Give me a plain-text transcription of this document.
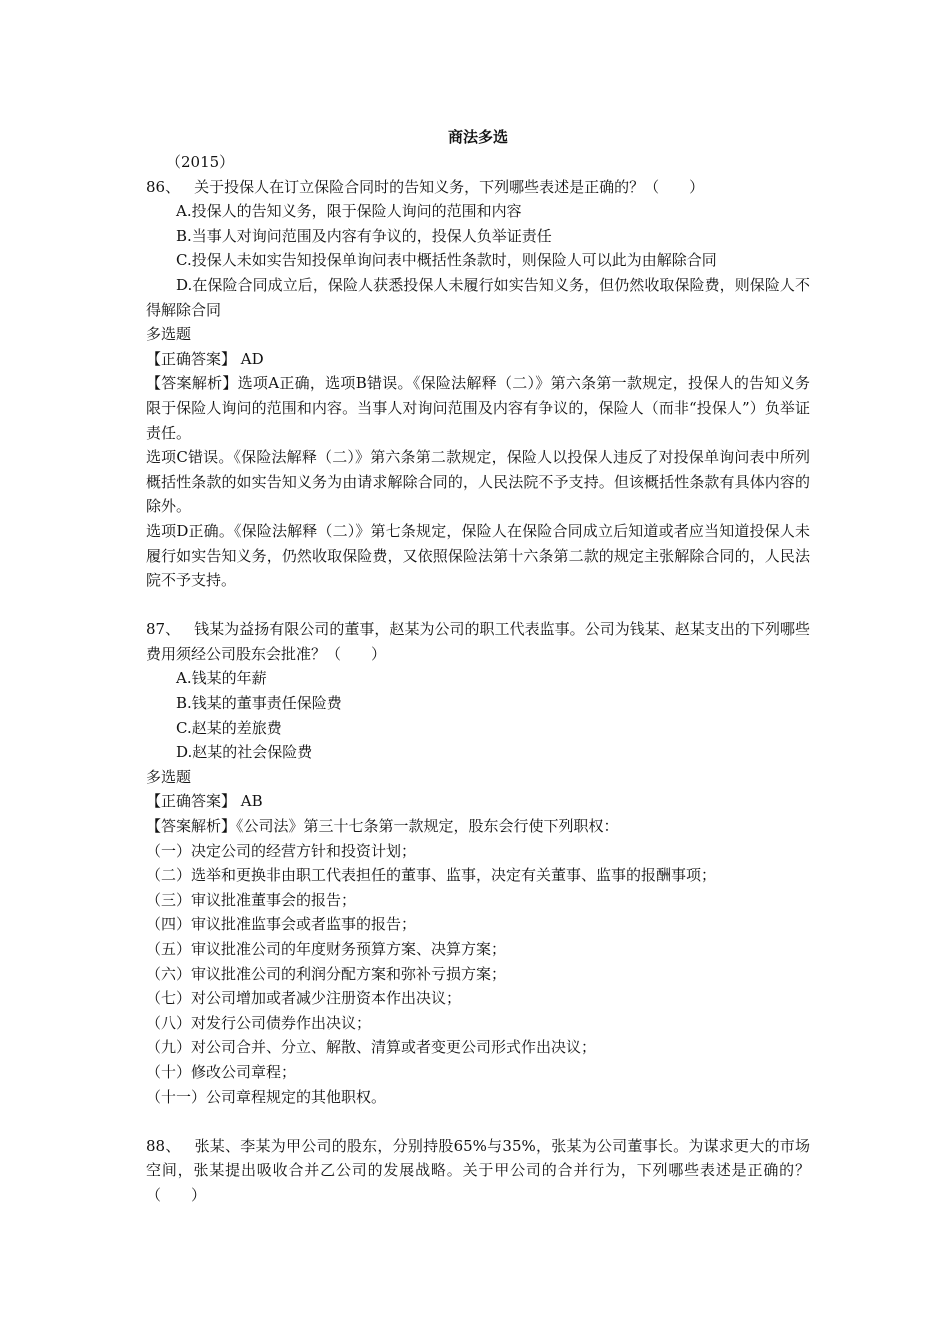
商法多选
（2015）
86、 关于投保人在订立保险合同时的告知义务，下列哪些表述是正确的？（　　）
A.投保人的告知义务，限于保险人询问的范围和内容
B.当事人对询问范围及内容有争议的，投保人负举证责任
C.投保人未如实告知投保单询问表中概括性条款时，则保险人可以此为由解除合同
D.在保险合同成立后，保险人获悉投保人未履行如实告知义务，但仍然收取保险费，则保险人不得解除合同
多选题
【正确答案】 AD
【答案解析】选项A正确，选项B错误。《保险法解释（二）》第六条第一款规定，投保人的告知义务限于保险人询问的范围和内容。当事人对询问范围及内容有争议的，保险人（而非“投保人”）负举证责任。
选项C错误。《保险法解释（二）》第六条第二款规定，保险人以投保人违反了对投保单询问表中所列概括性条款的如实告知义务为由请求解除合同的，人民法院不予支持。但该概括性条款有具体内容的除外。
选项D正确。《保险法解释（二）》第七条规定，保险人在保险合同成立后知道或者应当知道投保人未履行如实告知义务，仍然收取保险费，又依照保险法第十六条第二款的规定主张解除合同的，人民法院不予支持。
87、 钱某为益扬有限公司的董事，赵某为公司的职工代表监事。公司为钱某、赵某支出的下列哪些费用须经公司股东会批准？（　　）
A.钱某的年薪
B.钱某的董事责任保险费
C.赵某的差旅费
D.赵某的社会保险费
多选题
【正确答案】 AB
【答案解析】《公司法》第三十七条第一款规定，股东会行使下列职权：
（一）决定公司的经营方针和投资计划；
（二）选举和更换非由职工代表担任的董事、监事，决定有关董事、监事的报酬事项；
（三）审议批准董事会的报告；
（四）审议批准监事会或者监事的报告；
（五）审议批准公司的年度财务预算方案、决算方案；
（六）审议批准公司的利润分配方案和弥补亏损方案；
（七）对公司增加或者减少注册资本作出决议；
（八）对发行公司债券作出决议；
（九）对公司合并、分立、解散、清算或者变更公司形式作出决议；
（十）修改公司章程；
（十一）公司章程规定的其他职权。
88、 张某、李某为甲公司的股东，分别持股65%与35%，张某为公司董事长。为谋求更大的市场空间，张某提出吸收合并乙公司的发展战略。关于甲公司的合并行为，下列哪些表述是正确的？（　　）
